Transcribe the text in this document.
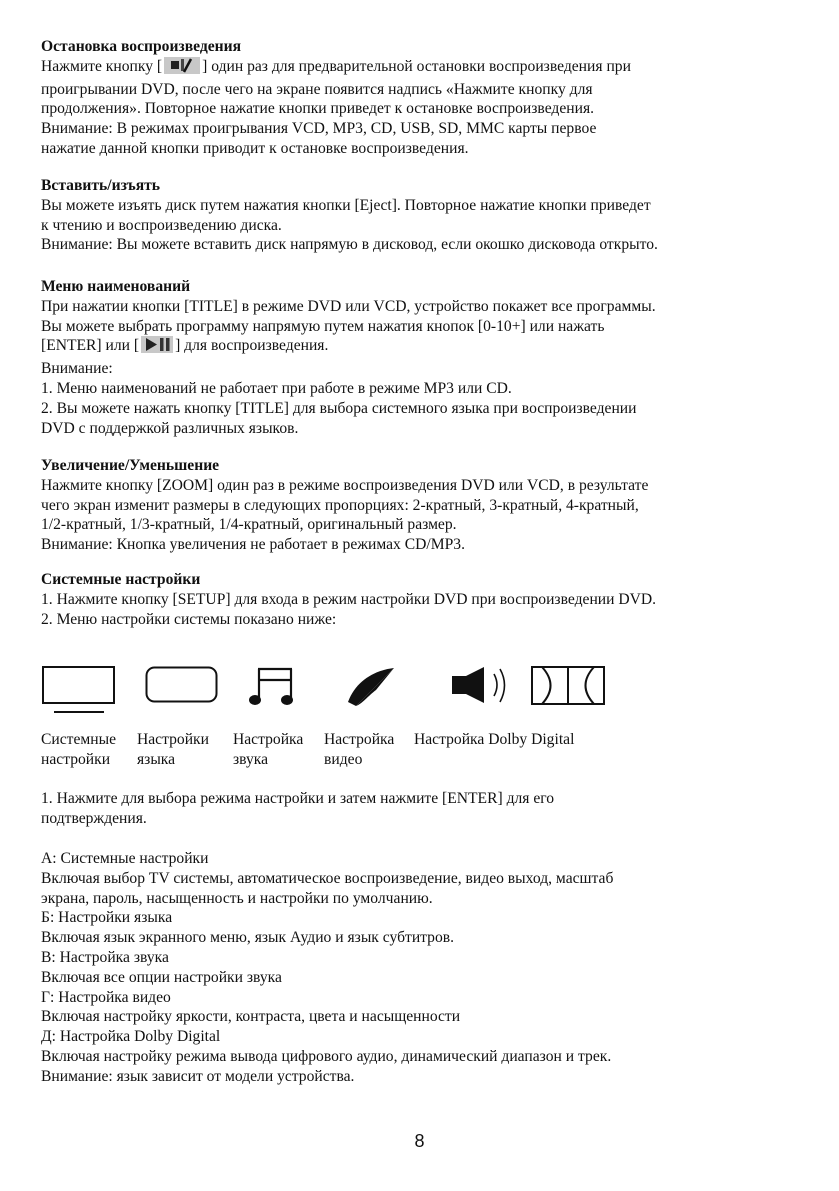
Остановка воспроизведения
Нажмите кнопку [	] один раз для предварительной остановки воспроизведения при
проигрывании DVD, после чего на экране появится надпись «Нажмите кнопку для
продолжения». Повторное нажатие кнопки приведет к остановке воспроизведения.
Внимание: В режимах проигрывания VCD, MP3, CD, USB, SD, MMC карты первое
нажатие данной кнопки приводит к остановке воспроизведения.
Вставить/изъять
Вы можете изъять диск путем нажатия кнопки [Eject]. Повторное нажатие кнопки приведет
к чтению и воспроизведению диска.
Внимание: Вы можете вставить диск напрямую в дисковод, если окошко дисковода открыто.
Меню наименований
При нажатии кнопки [TITLE] в режиме DVD или VCD, устройство покажет все программы.
Вы можете выбрать программу напрямую путем нажатия кнопок [0-10+] или нажать
[ENTER] или [ ] для воспроизведения.
Внимание:
1. Меню наименований не работает при работе в режиме MP3 или CD.
2. Вы можете нажать кнопку [TITLE] для выбора системного языка при воспроизведении
DVD с поддержкой различных языков.
Увеличение/Уменьшение
Нажмите кнопку [ZOOM] один раз в режиме воспроизведения DVD или VCD, в результате
чего экран изменит размеры в следующих пропорциях: 2-кратный, 3-кратный, 4-кратный,
1/2-кратный, 1/3-кратный, 1/4-кратный, оригинальный размер.
Внимание: Кнопка увеличения не работает в режимах CD/MP3.
Системные настройки
1. Нажмите кнопку [SETUP] для входа в режим настройки DVD при воспроизведении DVD.
2. Меню настройки системы показано ниже:
Системные
настройки
Настройки
языка
Настройка
звука
Настройка
видео
Настройка Dolby Digital
1. Нажмите для выбора режима настройки и затем нажмите [ENTER] для его
подтверждения.
А: Системные настройки
Включая выбор TV системы, автоматическое воспроизведение, видео выход, масштаб
экрана, пароль, насыщенность и настройки по умолчанию.
Б: Настройки языка
Включая язык экранного меню, язык Аудио и язык субтитров.
В: Настройка звука
Включая все опции настройки звука
Г: Настройка видео
Включая настройку яркости, контраста, цвета и насыщенности
Д: Настройка Dolby Digital
Включая настройку режима вывода цифрового аудио, динамический диапазон и трек.
Внимание: язык зависит от модели устройства.
8
